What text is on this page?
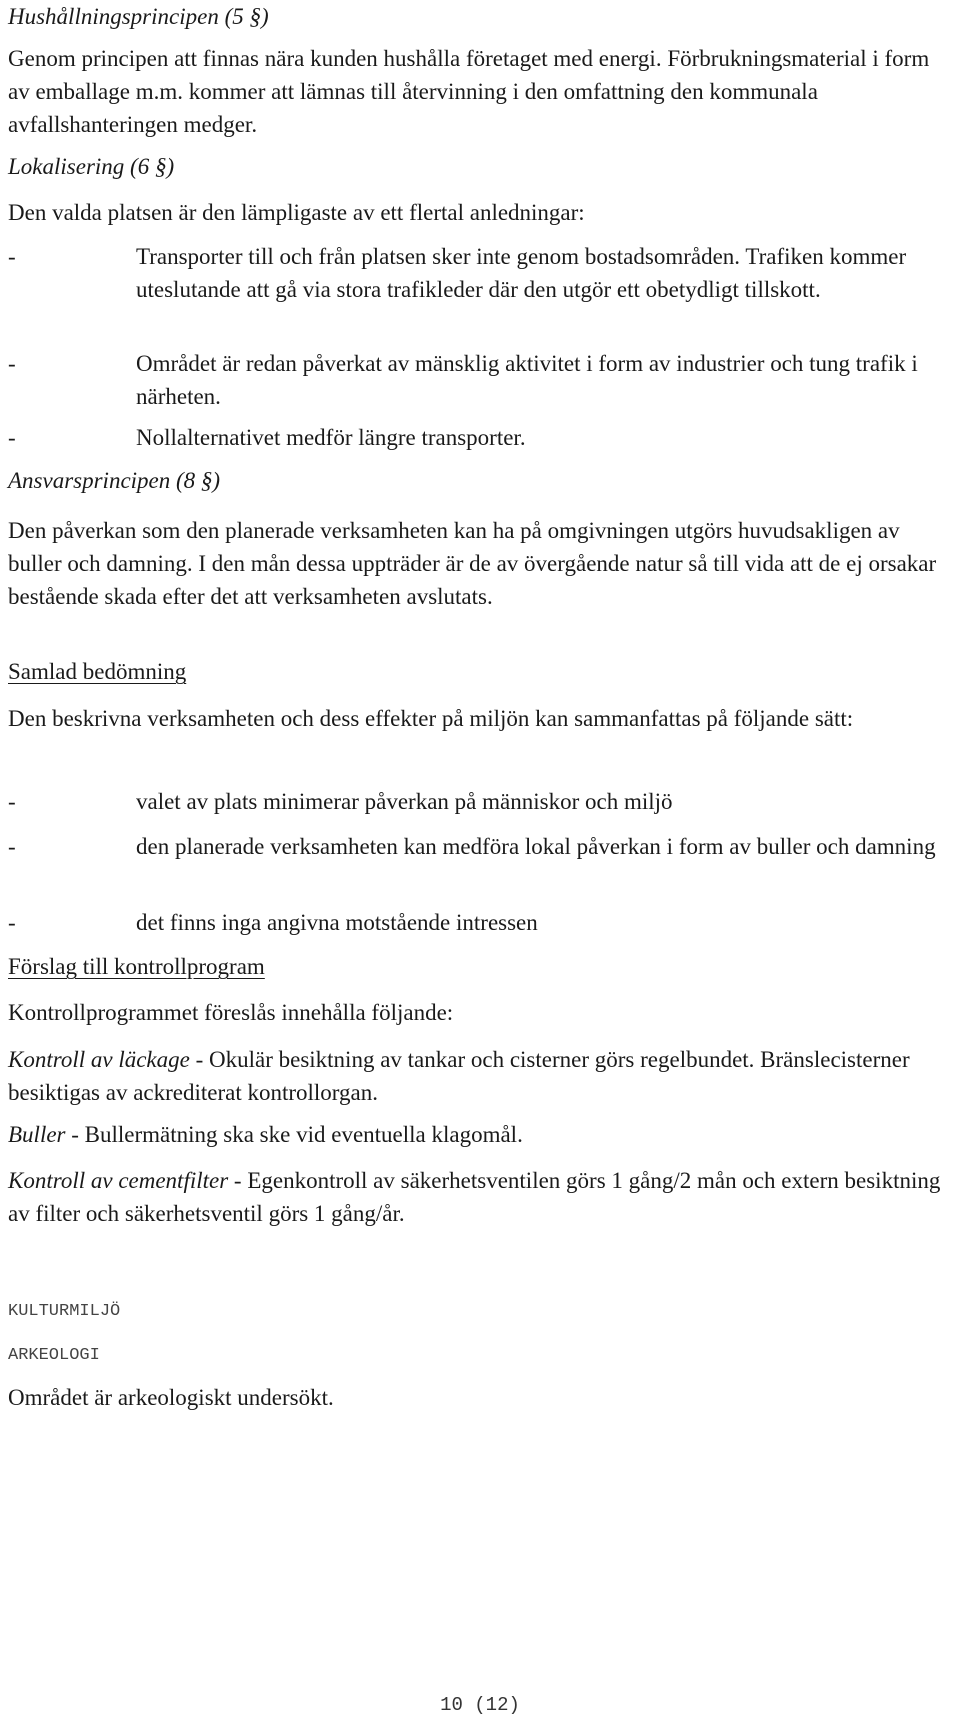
Hushållningsprincipen (5 §)

Genom principen att finnas nära kunden hushålla företaget med energi. Förbrukningsmaterial i form av emballage m.m. kommer att lämnas till återvinning i den omfattning den kommunala avfallshanteringen medger.

Lokalisering (6 §)

Den valda platsen är den lämpligaste av ett flertal anledningar:

-	Transporter till och från platsen sker inte genom bostadsområden. Trafiken kommer uteslutande att gå via stora trafikleder där den utgör ett obetydligt tillskott.
-	Området är redan påverkat av mänsklig aktivitet i form av industrier och tung trafik i närheten.
-	Nollalternativet medför längre transporter.
Ansvarsprincipen (8 §)

Den påverkan som den planerade verksamheten kan ha på omgivningen utgörs huvudsakligen av buller och damning. I den mån dessa uppträder är de av övergående natur så till vida att de ej orsakar bestående skada efter det att verksamheten avslutats.

Samlad bedömning

Den beskrivna verksamheten och dess effekter på miljön kan sammanfattas på följande sätt:

-	valet av plats minimerar påverkan på människor och miljö
-	den planerade verksamheten kan medföra lokal påverkan i form av buller och damning
-	det finns inga angivna motstående intressen
Förslag till kontrollprogram

Kontrollprogrammet föreslås innehålla följande:

Kontroll av läckage - Okulär besiktning av tankar och cisterner görs regelbundet. Bränslecisterner besiktigas av ackrediterat kontrollorgan.

Buller - Bullermätning ska ske vid eventuella klagomål.

Kontroll av cementfilter - Egenkontroll av säkerhetsventilen görs 1 gång/2 mån och extern besiktning av filter och säkerhetsventil görs 1 gång/år.

KULTURMILJÖ
ARKEOLOGI

Området är arkeologiskt undersökt.

10 (12)
